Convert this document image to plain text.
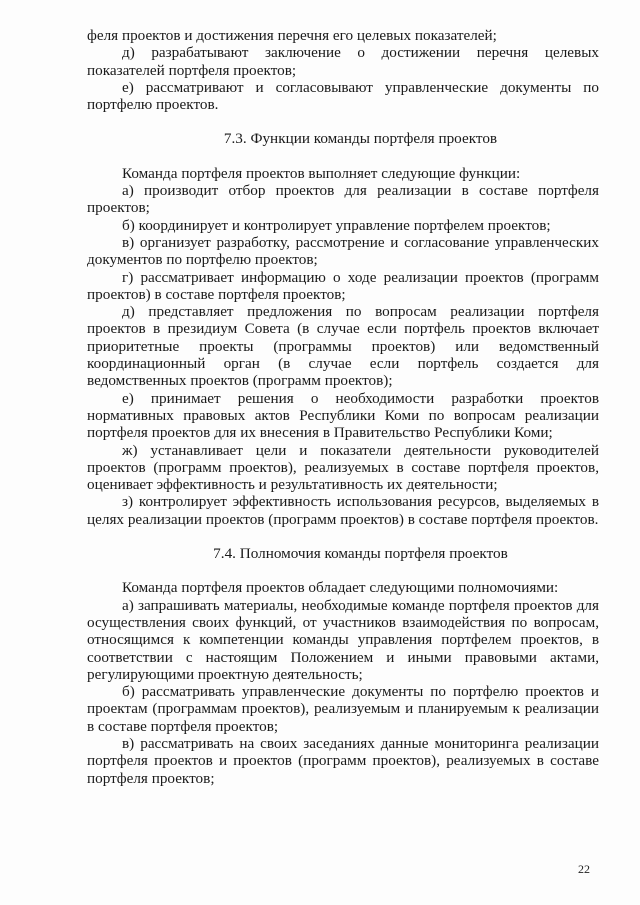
феля проектов и достижения перечня его целевых показателей;

д) разрабатывают заключение о достижении перечня целевых показателей портфеля проектов;

е) рассматривают и согласовывают управленческие документы по портфелю проектов.

7.3. Функции команды портфеля проектов

Команда портфеля проектов выполняет следующие функции:

а) производит отбор проектов для реализации в составе портфеля проектов;

б) координирует и контролирует управление портфелем проектов;

в) организует разработку, рассмотрение и согласование управленческих документов по портфелю проектов;

г) рассматривает информацию о ходе реализации проектов (программ проектов) в составе портфеля проектов;

д) представляет предложения по вопросам реализации портфеля проектов в президиум Совета (в случае если портфель проектов включает приоритетные проекты (программы проектов) или ведомственный координационный орган (в случае если портфель создается для ведомственных проектов (программ проектов);

е) принимает решения о необходимости разработки проектов нормативных правовых актов Республики Коми по вопросам реализации портфеля проектов для их внесения в Правительство Республики Коми;

ж) устанавливает цели и показатели деятельности руководителей проектов (программ проектов), реализуемых в составе портфеля проектов, оценивает эффективность и результативность их деятельности;

з) контролирует эффективность использования ресурсов, выделяемых в целях реализации проектов (программ проектов) в составе портфеля проектов.

7.4. Полномочия команды портфеля проектов

Команда портфеля проектов обладает следующими полномочиями:

а) запрашивать материалы, необходимые команде портфеля проектов для осуществления своих функций, от участников взаимодействия по вопросам, относящимся к компетенции команды управления портфелем проектов, в соответствии с настоящим Положением и иными правовыми актами, регулирующими проектную деятельность;

б) рассматривать управленческие документы по портфелю проектов и проектам (программам проектов), реализуемым и планируемым к реализации в составе портфеля проектов;

в) рассматривать на своих заседаниях данные мониторинга реализации портфеля проектов и проектов (программ проектов), реализуемых в составе портфеля проектов;

22
